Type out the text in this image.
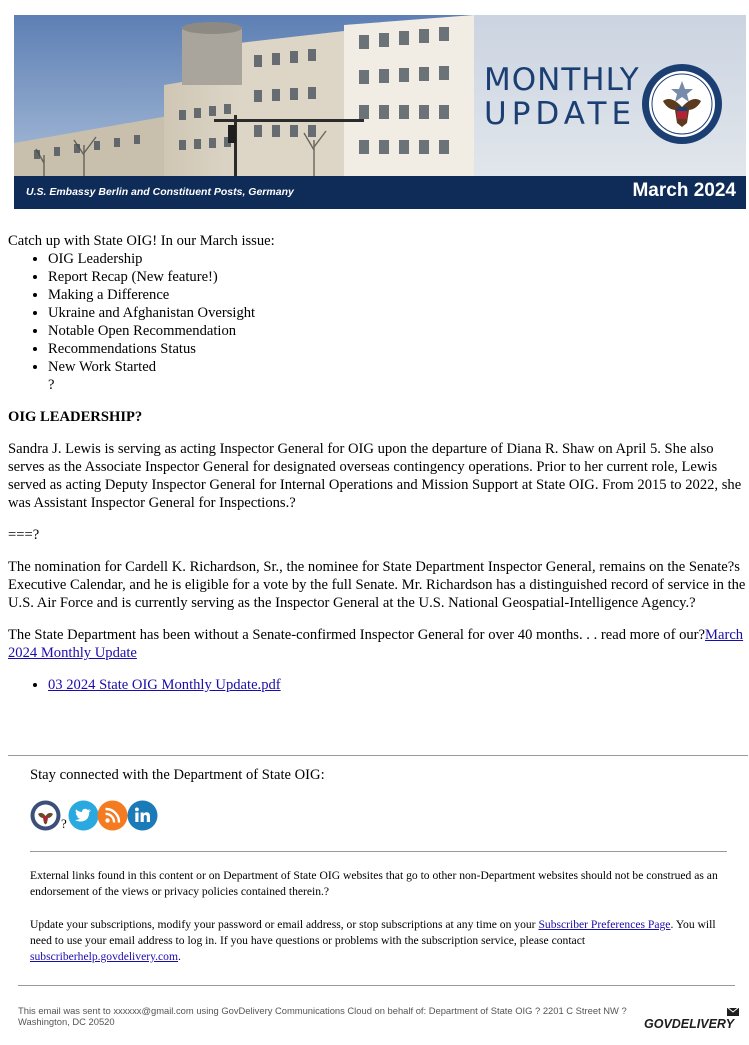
MONTHLY
UPDATE
U.S. Embassy Berlin and Constituent Posts, Germany	March 2024

Catch up with State OIG! In our March issue:

• OIG Leadership
• Report Recap (New feature!)
• Making a Difference
• Ukraine and Afghanistan Oversight
• Notable Open Recommendation
• Recommendations Status
• New Work Started
?

OIG LEADERSHIP?

Sandra J. Lewis is serving as acting Inspector General for OIG upon the departure of Diana R. Shaw on April 5. She also serves as the Associate Inspector General for designated overseas contingency operations. Prior to her current role, Lewis served as acting Deputy Inspector General for Internal Operations and Mission Support at State OIG. From 2015 to 2022, she was Assistant Inspector General for Inspections.?

===?

The nomination for Cardell K. Richardson, Sr., the nominee for State Department Inspector General, remains on the Senate?s Executive Calendar, and he is eligible for a vote by the full Senate. Mr. Richardson has a distinguished record of service in the U.S. Air Force and is currently serving as the Inspector General at the U.S. National Geospatial-Intelligence Agency.?

The State Department has been without a Senate-confirmed Inspector General for over 40 months. . . read more of our?March 2024 Monthly Update

• 03 2024 State OIG Monthly Update.pdf
Stay connected with the Department of State OIG:
?
External links found in this content or on Department of State OIG websites that go to other non-Department websites should not be construed as an endorsement of the views or privacy policies contained therein.?
Update your subscriptions, modify your password or email address, or stop subscriptions at any time on your Subscriber Preferences Page. You will need to use your email address to log in. If you have questions or problems with the subscription service, please contact subscriberhelp.govdelivery.com.
This email was sent to xxxxxx@gmail.com using GovDelivery Communications Cloud on behalf of: Department of State OIG ? 2201 C Street NW ? Washington, DC 20520	GOVDELIVERY
